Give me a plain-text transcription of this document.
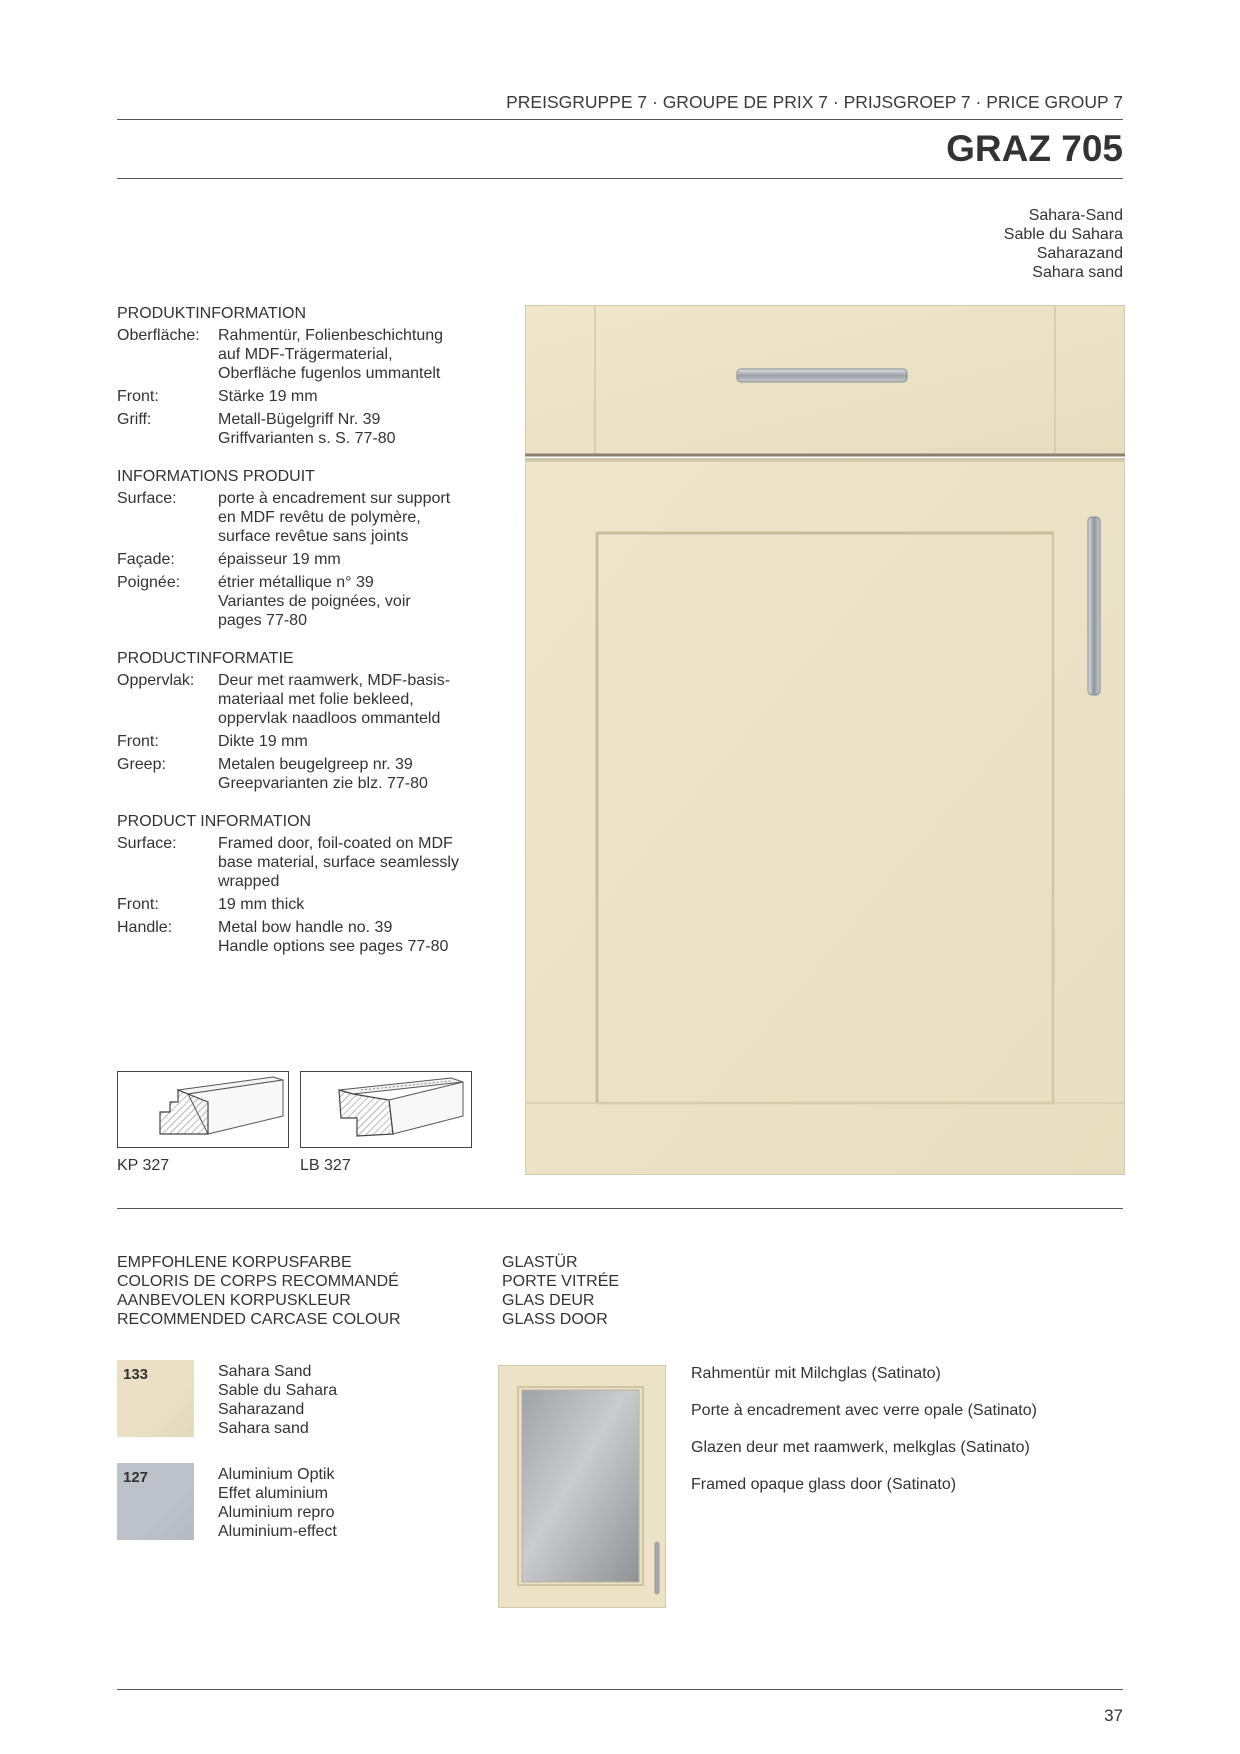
PREISGRUPPE 7 · GROUPE DE PRIX 7 · PRIJSGROEP 7 · PRICE GROUP 7
GRAZ 705
Sahara-Sand
Sable du Sahara
Saharazand
Sahara sand
PRODUKTINFORMATION
Oberfläche:	Rahmentür, Folienbeschichtung
auf MDF-Trägermaterial,
Oberfläche fugenlos ummantelt
Front:	Stärke 19 mm
Griff:	Metall-Bügelgriff Nr. 39
Griffvarianten s. S. 77-80
INFORMATIONS PRODUIT
Surface:	porte à encadrement sur support
en MDF revêtu de polymère,
surface revêtue sans joints
Façade:	épaisseur 19 mm
Poignée:	étrier métallique n° 39
Variantes de poignées, voir
pages 77-80
PRODUCTINFORMATIE
Oppervlak:	Deur met raamwerk, MDF-basis-
materiaal met folie bekleed,
oppervlak naadloos ommanteld
Front:	Dikte 19 mm
Greep:	Metalen beugelgreep nr. 39
Greepvarianten zie blz. 77-80
PRODUCT INFORMATION
Surface:	Framed door, foil-coated on MDF
base material, surface seamlessly
wrapped
Front:	19 mm thick
Handle:	Metal bow handle no. 39
Handle options see pages 77-80
KP 327	LB 327
EMPFOHLENE KORPUSFARBE
COLORIS DE CORPS RECOMMANDÉ
AANBEVOLEN KORPUSKLEUR
RECOMMENDED CARCASE COLOUR
133	Sahara Sand
Sable du Sahara
Saharazand
Sahara sand
127	Aluminium Optik
Effet aluminium
Aluminium repro
Aluminium-effect
GLASTÜR
PORTE VITRÉE
GLAS DEUR
GLASS DOOR
Rahmentür mit Milchglas (Satinato)
Porte à encadrement avec verre opale (Satinato)
Glazen deur met raamwerk, melkglas (Satinato)
Framed opaque glass door (Satinato)
37
